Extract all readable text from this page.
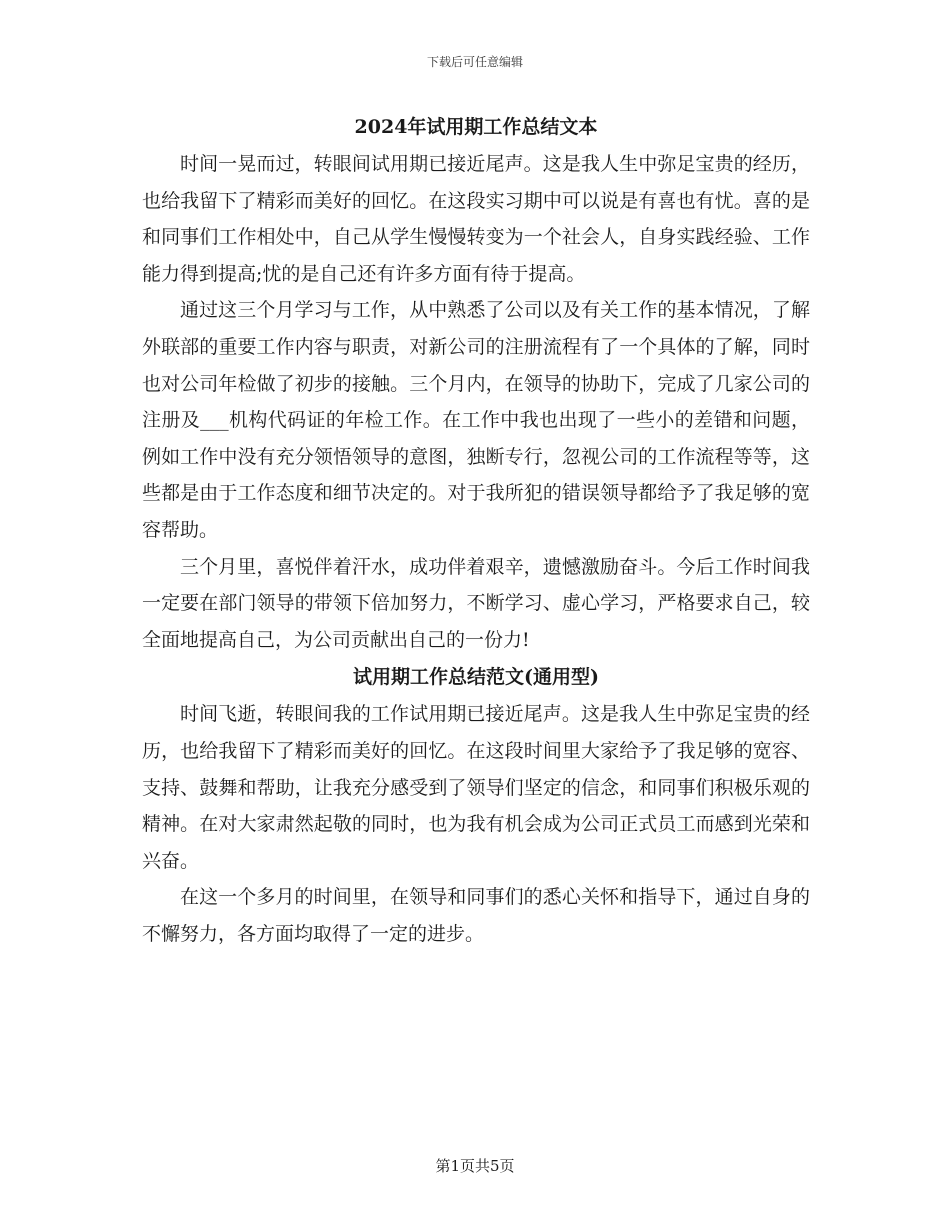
下载后可任意编辑
2024年试用期工作总结文本

时间一晃而过，转眼间试用期已接近尾声。这是我人生中弥足宝贵的经历，也给我留下了精彩而美好的回忆。在这段实习期中可以说是有喜也有忧。喜的是和同事们工作相处中，自己从学生慢慢转变为一个社会人，自身实践经验、工作能力得到提高;忧的是自己还有许多方面有待于提高。

通过这三个月学习与工作，从中熟悉了公司以及有关工作的基本情况，了解外联部的重要工作内容与职责，对新公司的注册流程有了一个具体的了解，同时也对公司年检做了初步的接触。三个月内，在领导的协助下，完成了几家公司的注册及___机构代码证的年检工作。在工作中我也出现了一些小的差错和问题，例如工作中没有充分领悟领导的意图，独断专行，忽视公司的工作流程等等，这些都是由于工作态度和细节决定的。对于我所犯的错误领导都给予了我足够的宽容帮助。

三个月里，喜悦伴着汗水，成功伴着艰辛，遗憾激励奋斗。今后工作时间我一定要在部门领导的带领下倍加努力，不断学习、虚心学习，严格要求自己，较全面地提高自己，为公司贡献出自己的一份力!

试用期工作总结范文(通用型)

时间飞逝，转眼间我的工作试用期已接近尾声。这是我人生中弥足宝贵的经历，也给我留下了精彩而美好的回忆。在这段时间里大家给予了我足够的宽容、支持、鼓舞和帮助，让我充分感受到了领导们坚定的信念，和同事们积极乐观的精神。在对大家肃然起敬的同时，也为我有机会成为公司正式员工而感到光荣和兴奋。

在这一个多月的时间里，在领导和同事们的悉心关怀和指导下，通过自身的不懈努力，各方面均取得了一定的进步。

第1页共5页
